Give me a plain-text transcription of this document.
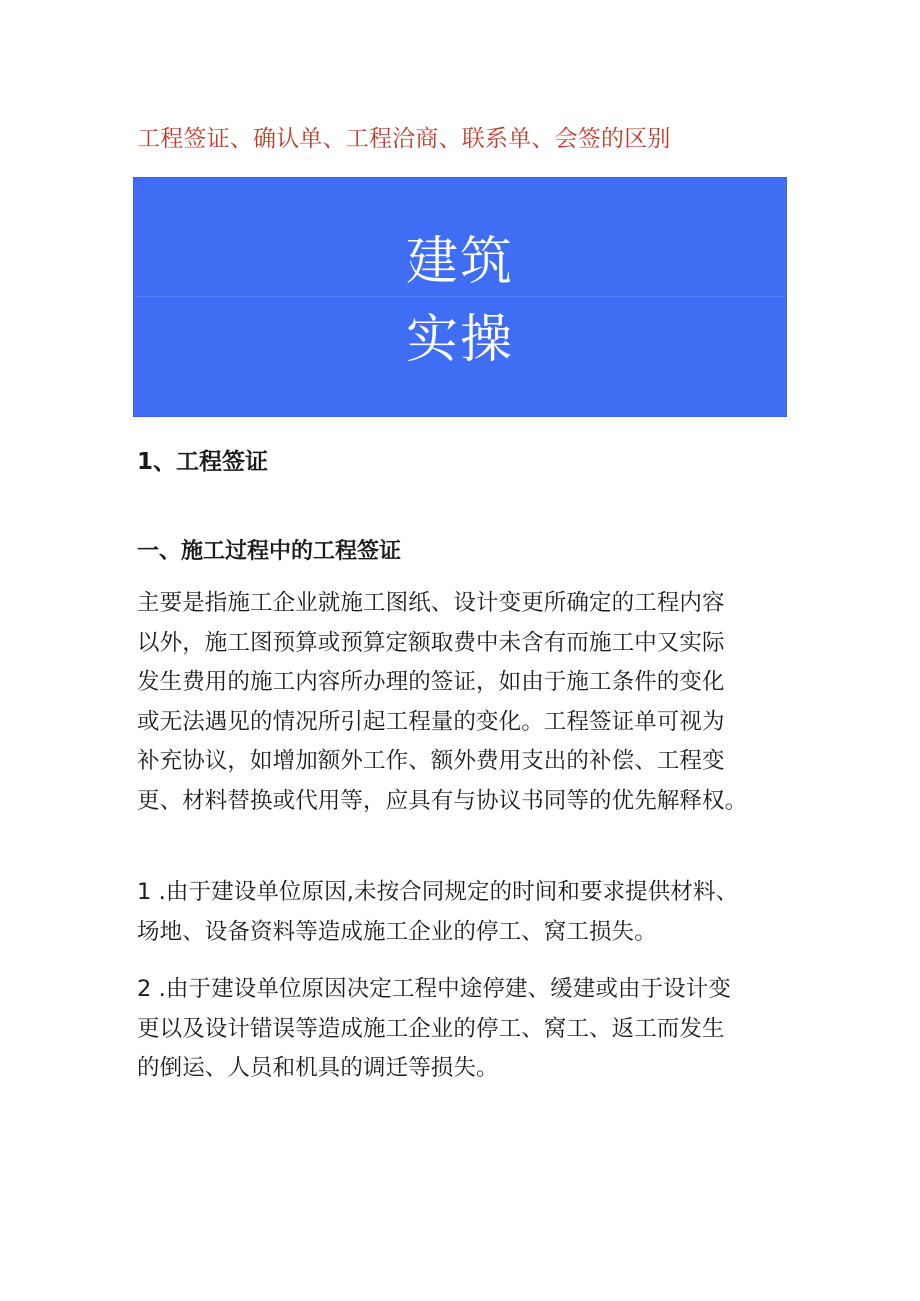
工程签证、确认单、工程洽商、联系单、会签的区别
建筑
实操
1、工程签证
一、施工过程中的工程签证

主要是指施工企业就施工图纸、设计变更所确定的工程内容
以外，施工图预算或预算定额取费中未含有而施工中又实际
发生费用的施工内容所办理的签证，如由于施工条件的变化
或无法遇见的情况所引起工程量的变化。工程签证单可视为
补充协议，如增加额外工作、额外费用支出的补偿、工程变
更、材料替换或代用等，应具有与协议书同等的优先解释权。

1 .由于建设单位原因,未按合同规定的时间和要求提供材料、
场地、设备资料等造成施工企业的停工、窝工损失。

2 .由于建设单位原因决定工程中途停建、缓建或由于设计变
更以及设计错误等造成施工企业的停工、窝工、返工而发生
的倒运、人员和机具的调迁等损失。
